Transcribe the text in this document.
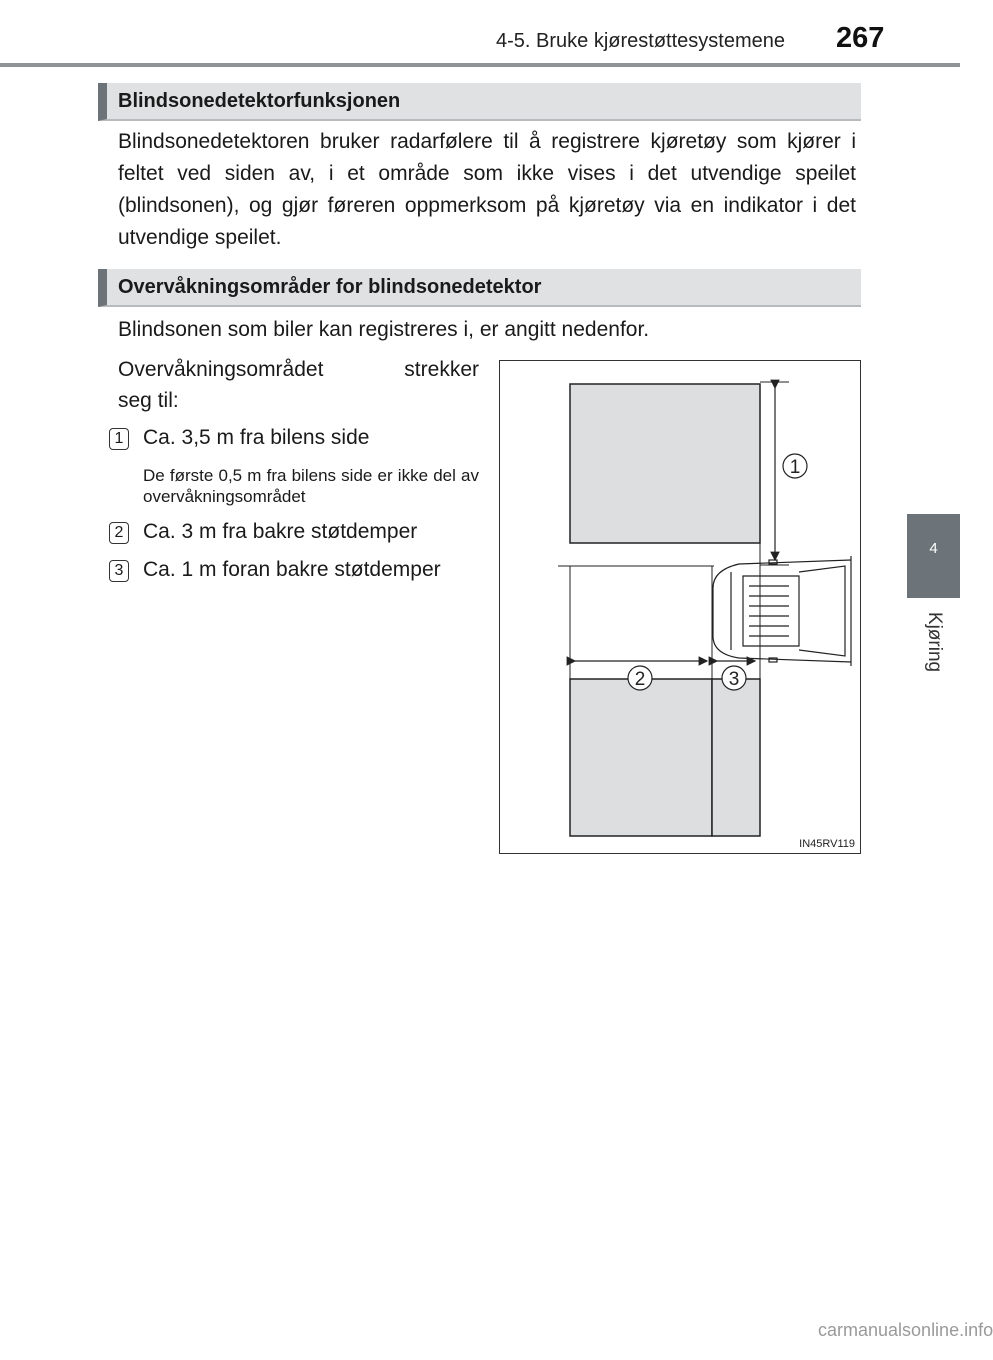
4-5. Bruke kjørestøttesystemene 267
4
Kjøring
Blindsonedetektorfunksjonen
Blindsonedetektoren bruker radarfølere til å registrere kjøretøy som kjører i feltet ved siden av, i et område som ikke vises i det utvendige speilet (blindsonen), og gjør føreren oppmerksom på kjøretøy via en indikator i det utvendige speilet.
Overvåkningsområder for blindsonedetektor
Blindsonen som biler kan registreres i, er angitt nedenfor.
Overvåkningsområdet strekker
seg til:
1 Ca. 3,5 m fra bilens side
De første 0,5 m fra bilens side er ikke del av overvåkningsområdet
2 Ca. 3 m fra bakre støtdemper
3 Ca. 1 m foran bakre støtdemper
1
2	3
IN45RV119
carmanualsonline.info
